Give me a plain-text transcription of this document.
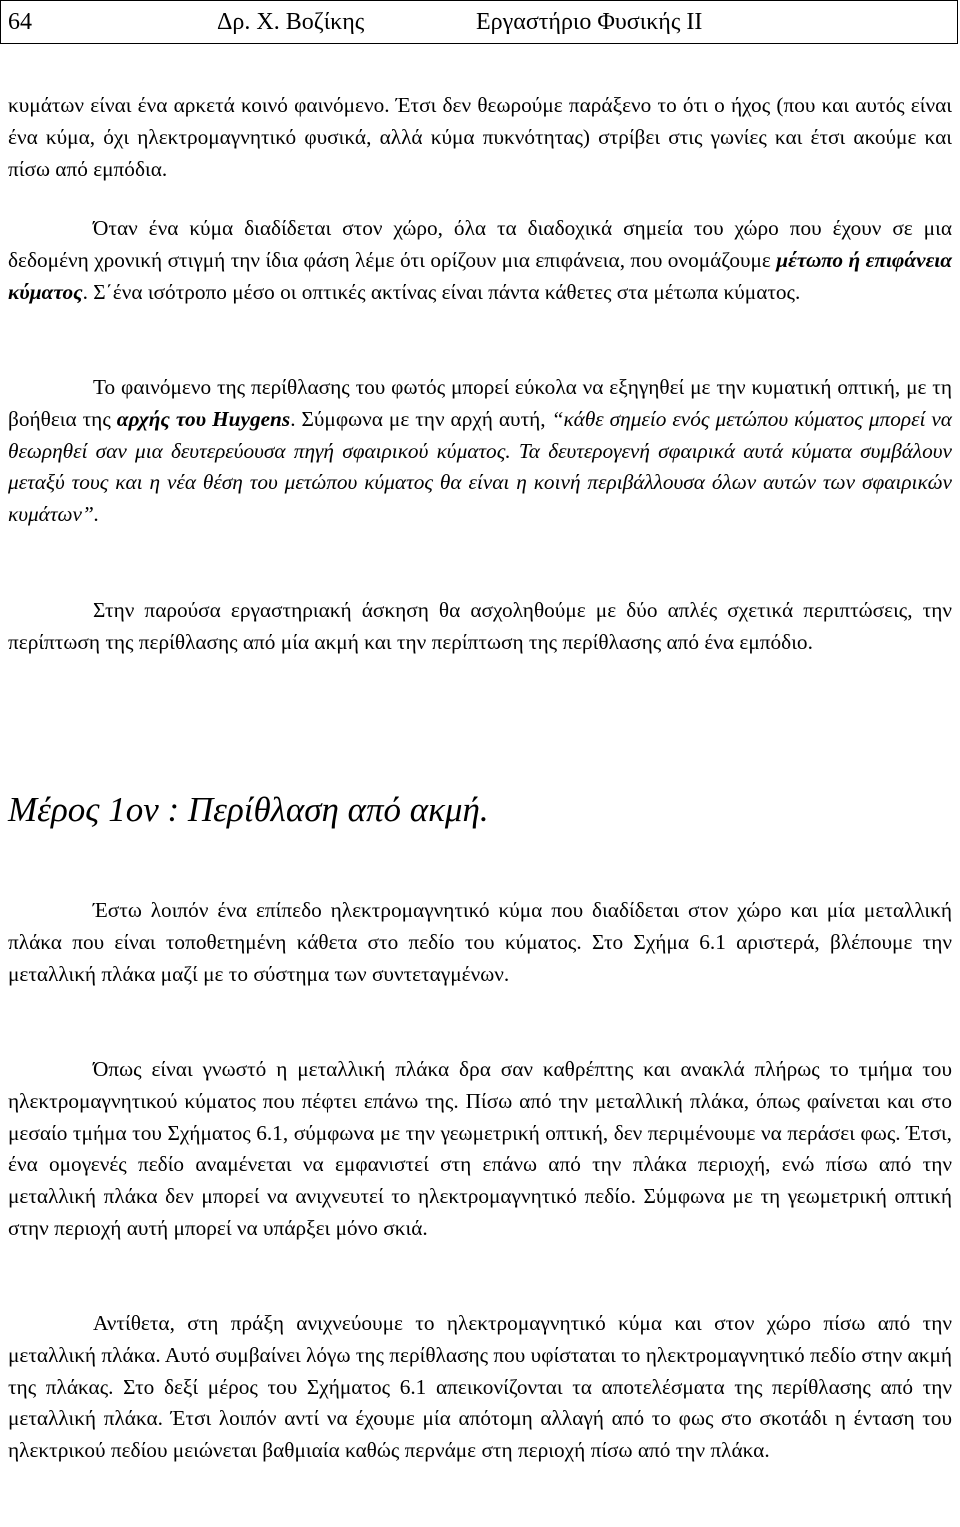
64	Δρ. Χ. Βοζίκης	Εργαστήριο Φυσικής ΙΙ

κυμάτων είναι ένα αρκετά κοινό φαινόμενο. Έτσι δεν θεωρούμε παράξενο το ότι ο ήχος (που και αυτός είναι ένα κύμα, όχι ηλεκτρομαγνητικό φυσικά, αλλά κύμα πυκνότητας) στρίβει στις γωνίες και έτσι ακούμε και πίσω από εμπόδια.

Όταν ένα κύμα διαδίδεται στον χώρο, όλα τα διαδοχικά σημεία του χώρο που έχουν σε μια δεδομένη χρονική στιγμή την ίδια φάση λέμε ότι ορίζουν μια επιφάνεια, που ονομάζουμε μέτωπο ή επιφάνεια κύματος. Σ΄ένα ισότροπο μέσο οι οπτικές ακτίνας είναι πάντα κάθετες στα μέτωπα κύματος.

Το φαινόμενο της περίθλασης του φωτός μπορεί εύκολα να εξηγηθεί με την κυματική οπτική, με τη βοήθεια της αρχής του Huygens. Σύμφωνα με την αρχή αυτή, “κάθε σημείο ενός μετώπου κύματος μπορεί να θεωρηθεί σαν μια δευτερεύουσα πηγή σφαιρικού κύματος. Τα δευτερογενή σφαιρικά αυτά κύματα συμβάλουν μεταξύ τους και η νέα θέση του μετώπου κύματος θα είναι η κοινή περιβάλλουσα όλων αυτών των σφαιρικών κυμάτων”.

Στην παρούσα εργαστηριακή άσκηση θα ασχοληθούμε με δύο απλές σχετικά περιπτώσεις, την περίπτωση της περίθλασης από μία ακμή και την περίπτωση της περίθλασης από ένα εμπόδιο.

Μέρος 1ον : Περίθλαση από ακμή.

Έστω λοιπόν ένα επίπεδο ηλεκτρομαγνητικό κύμα που διαδίδεται στον χώρο και μία μεταλλική πλάκα που είναι τοποθετημένη κάθετα στο πεδίο του κύματος. Στο Σχήμα 6.1 αριστερά, βλέπουμε την μεταλλική πλάκα μαζί με το σύστημα των συντεταγμένων.

Όπως είναι γνωστό η μεταλλική πλάκα δρα σαν καθρέπτης και ανακλά πλήρως το τμήμα του ηλεκτρομαγνητικού κύματος που πέφτει επάνω της. Πίσω από την μεταλλική πλάκα, όπως φαίνεται και στο μεσαίο τμήμα του Σχήματος 6.1, σύμφωνα με την γεωμετρική οπτική, δεν περιμένουμε να περάσει φως. Έτσι, ένα ομογενές πεδίο αναμένεται να εμφανιστεί στη επάνω από την πλάκα περιοχή, ενώ πίσω από την μεταλλική πλάκα δεν μπορεί να ανιχνευτεί το ηλεκτρομαγνητικό πεδίο. Σύμφωνα με τη γεωμετρική οπτική στην περιοχή αυτή μπορεί να υπάρξει μόνο σκιά.

Αντίθετα, στη πράξη ανιχνεύουμε το ηλεκτρομαγνητικό κύμα και στον χώρο πίσω από την μεταλλική πλάκα. Αυτό συμβαίνει λόγω της περίθλασης που υφίσταται το ηλεκτρομαγνητικό πεδίο στην ακμή της πλάκας. Στο δεξί μέρος του Σχήματος 6.1 απεικονίζονται τα αποτελέσματα της περίθλασης από την μεταλλική πλάκα. Έτσι λοιπόν αντί να έχουμε μία απότομη αλλαγή από το φως στο σκοτάδι η ένταση του ηλεκτρικού πεδίου μειώνεται βαθμιαία καθώς περνάμε στη περιοχή πίσω από την πλάκα.
